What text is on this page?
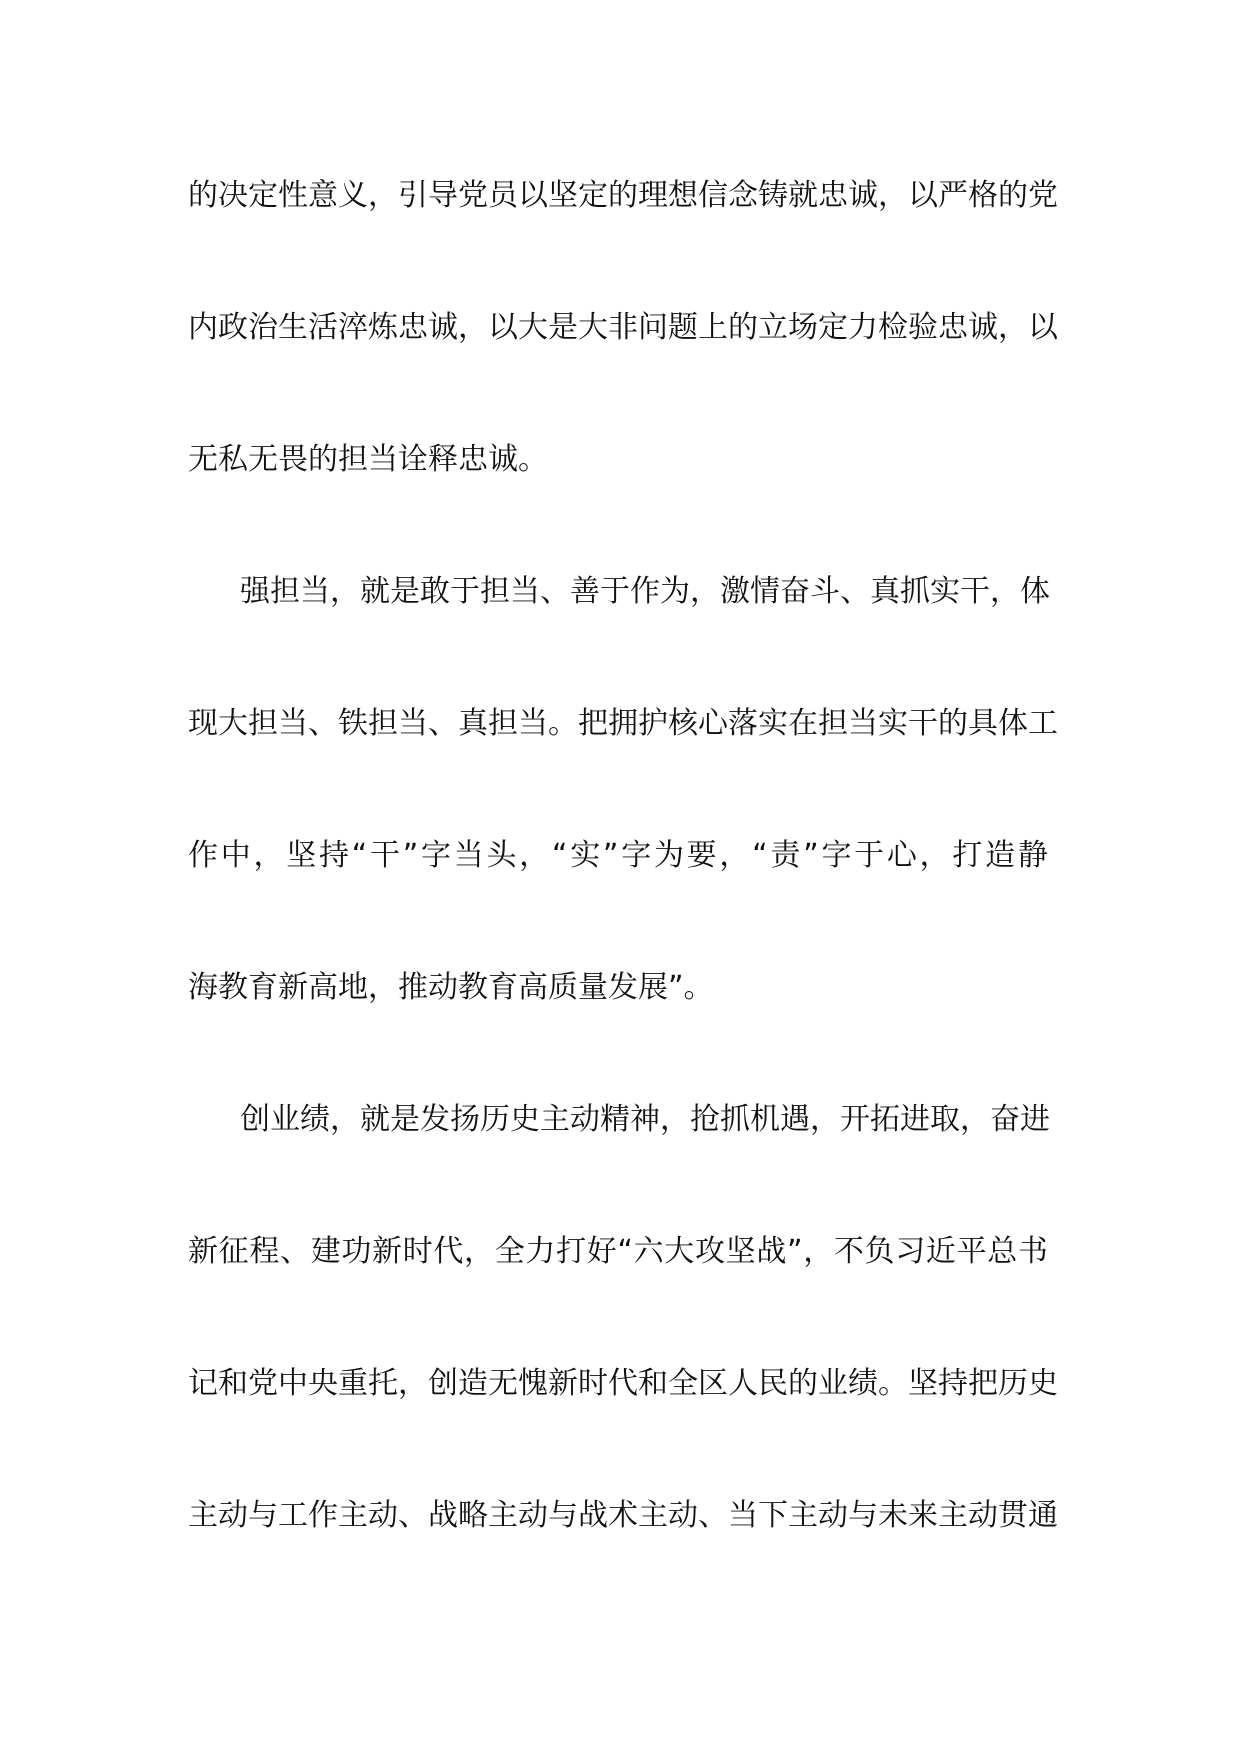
的 决 定 性 意 义 ， 引 导 党 员 以 坚 定 的 理 想 信 念 铸 就 忠 诚 ， 以 严 格 的 党
内 政 治 生 活 淬 炼 忠 诚 ， 以 大 是 大 非 问 题 上 的 立 场 定 力 检 验 忠 诚 ， 以
无 私 无 畏 的 担 当 诠 释 忠 诚 。
强 担 当 ， 就 是 敢 于 担 当 、 善 于 作 为 ， 激 情 奋 斗 、 真 抓 实 干 ， 体
现 大 担 当 、 铁 担 当 、 真 担 当 。 把 拥 护 核 心 落 实 在 担 当 实 干 的 具 体 工
作 中 ， 坚 持 “ 干 ” 字 当 头 ， “ 实 ” 字 为 要 ， “ 责 ” 字 于 心 ， 打 造 静
海 教 育 新 高 地 ， 推 动 教 育 高 质 量 发 展 ” 。
创 业 绩 ， 就 是 发 扬 历 史 主 动 精 神 ， 抢 抓 机 遇 ， 开 拓 进 取 ， 奋 进
新 征 程 、 建 功 新 时 代 ， 全 力 打 好 “ 六 大 攻 坚 战 ” ， 不 负 习 近 平 总 书
记 和 党 中 央 重 托 ， 创 造 无 愧 新 时 代 和 全 区 人 民 的 业 绩 。 坚 持 把 历 史
主 动 与 工 作 主 动 、 战 略 主 动 与 战 术 主 动 、 当 下 主 动 与 未 来 主 动 贯 通
